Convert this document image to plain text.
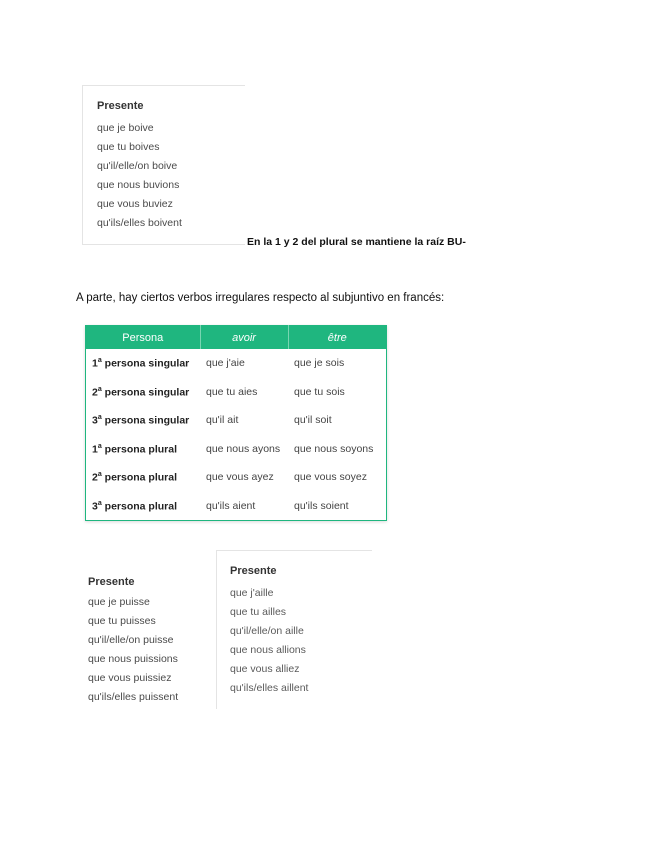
Presente
que je boive
que tu boives
qu'il/elle/on boive
que nous buvions
que vous buviez
qu'ils/elles boivent
En la 1 y 2 del plural se mantiene la raíz BU-
A parte, hay ciertos verbos irregulares respecto al subjuntivo en francés:
Persona	avoir	être
1$^a$ persona singular	que j'aie	que je sois
2$^a$ persona singular	que tu aies	que tu sois
3$^a$ persona singular	qu'il ait	qu'il soit
1$^a$ persona plural	que nous ayons	que nous soyons
2$^a$ persona plural	que vous ayez	que vous soyez
3$^a$ persona plural	qu'ils aient	qu'ils soient
Presente
que je puisse
que tu puisses
qu'il/elle/on puisse
que nous puissions
que vous puissiez
qu'ils/elles puissent
Presente
que j'aille
que tu ailles
qu'il/elle/on aille
que nous allions
que vous alliez
qu'ils/elles aillent
